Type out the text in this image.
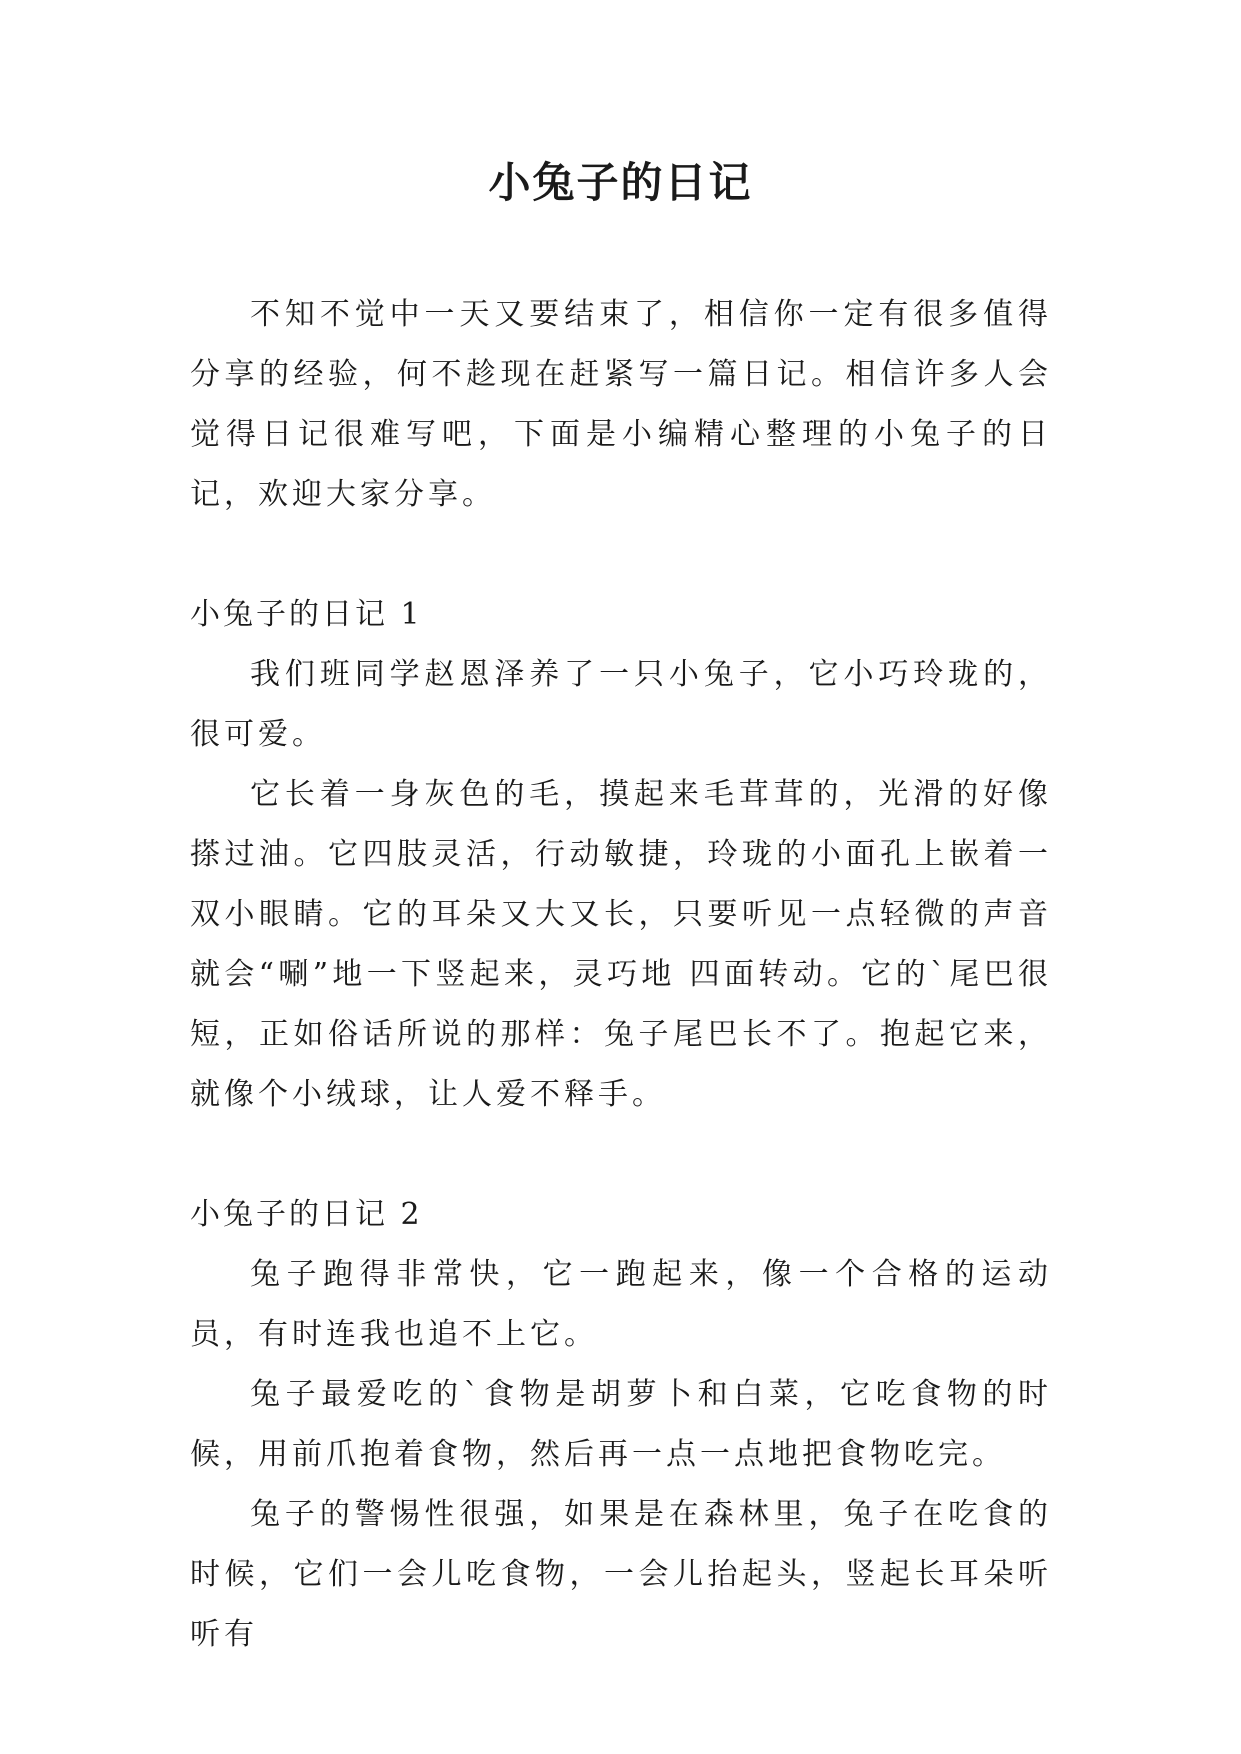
小兔子的日记

不知不觉中一天又要结束了，相信你一定有很多值得分享的经验，何不趁现在赶紧写一篇日记。相信许多人会觉得日记很难写吧，下面是小编精心整理的小兔子的日记，欢迎大家分享。

小兔子的日记 1

我们班同学赵恩泽养了一只小兔子，它小巧玲珑的，很可爱。

它长着一身灰色的毛，摸起来毛茸茸的，光滑的好像搽过油。它四肢灵活，行动敏捷，玲珑的小面孔上嵌着一双小眼睛。它的耳朵又大又长，只要听见一点轻微的声音就会“唰”地一下竖起来，灵巧地 四面转动。它的`尾巴很短，正如俗话所说的那样：兔子尾巴长不了。抱起它来，就像个小绒球，让人爱不释手。

小兔子的日记 2

兔子跑得非常快，它一跑起来，像一个合格的运动员，有时连我也追不上它。

兔子最爱吃的`食物是胡萝卜和白菜，它吃食物的时候，用前爪抱着食物，然后再一点一点地把食物吃完。

兔子的警惕性很强，如果是在森林里，兔子在吃食的时候，它们一会儿吃食物，一会儿抬起头，竖起长耳朵听听有
